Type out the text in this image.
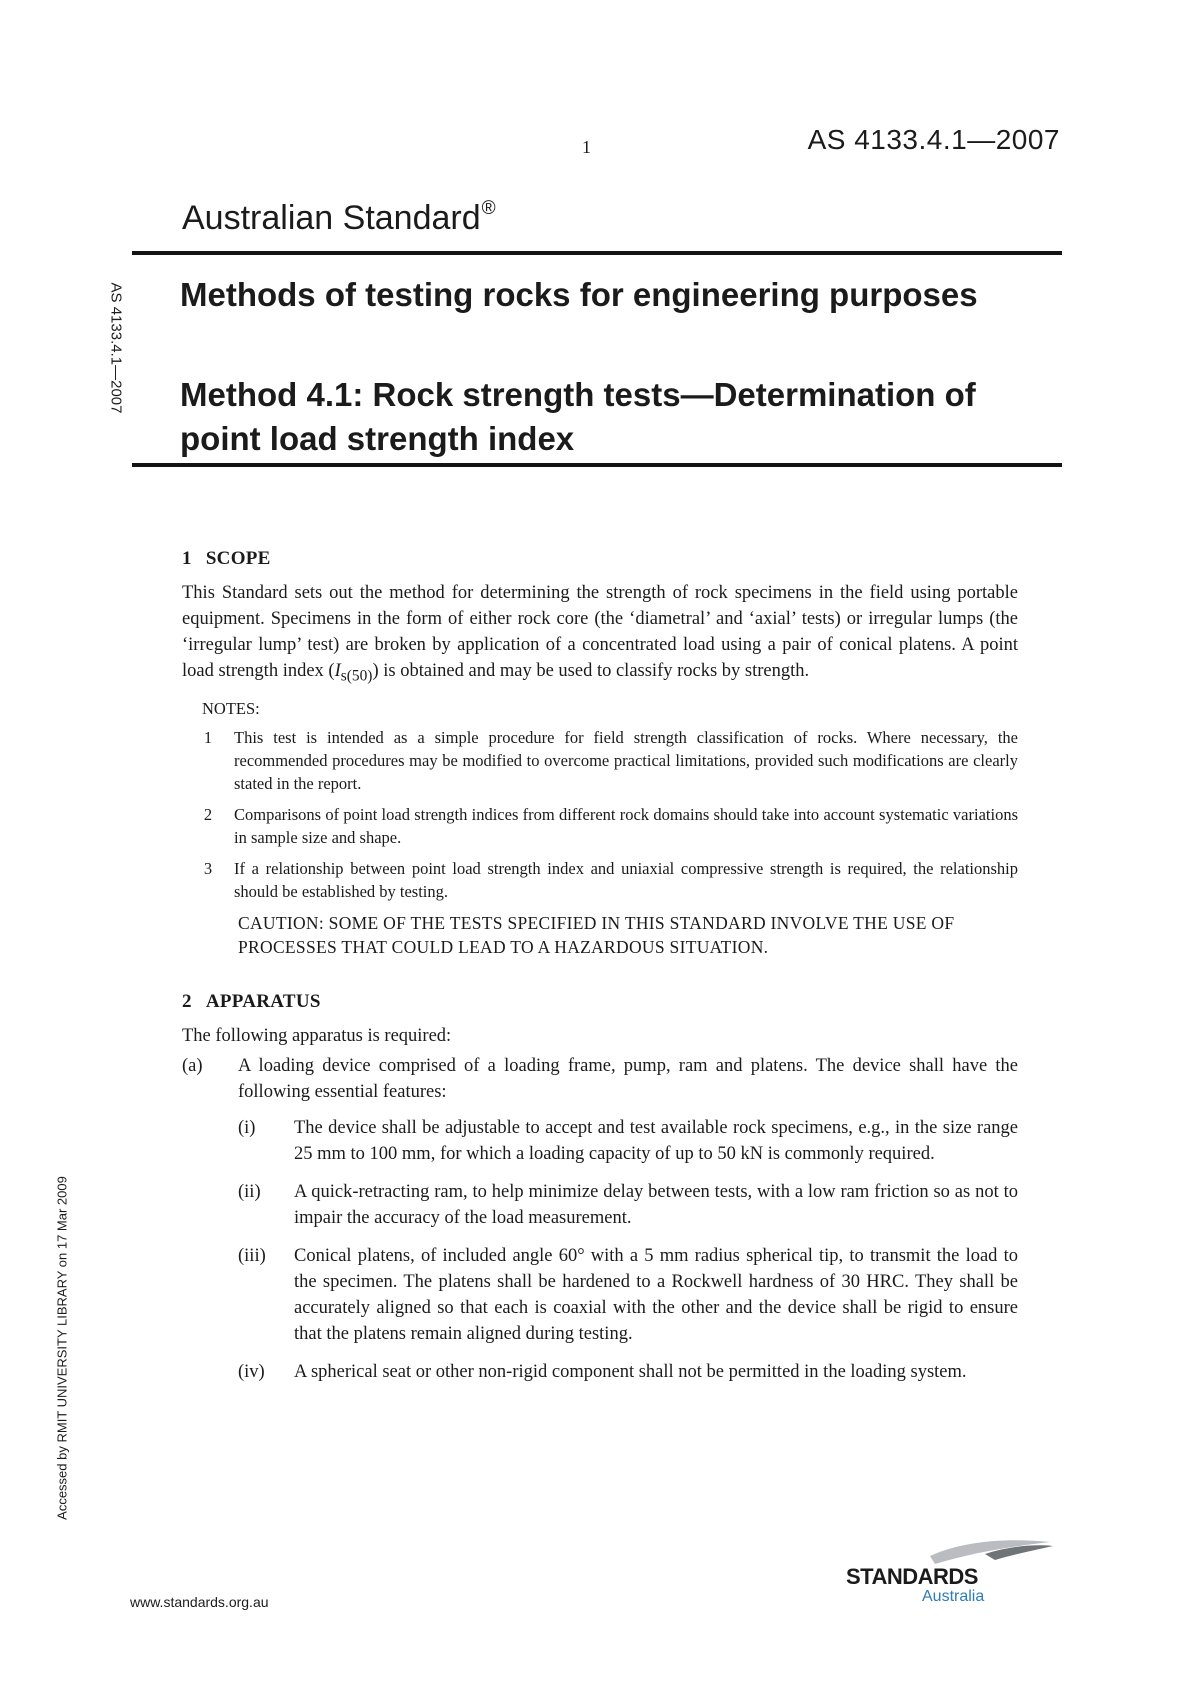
1	AS 4133.4.1—2007
Australian Standard®
AS 4133.4.1—2007 Methods of testing rocks for engineering purposes
Method 4.1: Rock strength tests—Determination of point load strength index
Accessed by RMIT UNIVERSITY LIBRARY on 17 Mar 2009
1 SCOPE

This Standard sets out the method for determining the strength of rock specimens in the field using portable equipment. Specimens in the form of either rock core (the ‘diametral’ and ‘axial’ tests) or irregular lumps (the ‘irregular lump’ test) are broken by application of a concentrated load using a pair of conical platens. A point load strength index $(I_{s(50)})$ is obtained and may be used to classify rocks by strength.

NOTES:
1	This test is intended as a simple procedure for field strength classification of rocks. Where necessary, the recommended procedures may be modified to overcome practical limitations, provided such modifications are clearly stated in the report.
2	Comparisons of point load strength indices from different rock domains should take into account systematic variations in sample size and shape.
3	If a relationship between point load strength index and uniaxial compressive strength is required, the relationship should be established by testing.
CAUTION: SOME OF THE TESTS SPECIFIED IN THIS STANDARD INVOLVE THE USE OF PROCESSES THAT COULD LEAD TO A HAZARDOUS SITUATION.
2 APPARATUS

The following apparatus is required:

(a)	A loading device comprised of a loading frame, pump, ram and platens. The device shall have the following essential features:
(i)	The device shall be adjustable to accept and test available rock specimens, e.g., in the size range 25 mm to 100 mm, for which a loading capacity of up to 50 kN is commonly required.
(ii)	A quick-retracting ram, to help minimize delay between tests, with a low ram friction so as not to impair the accuracy of the load measurement.
(iii)	Conical platens, of included angle 60° with a 5 mm radius spherical tip, to transmit the load to the specimen. The platens shall be hardened to a Rockwell hardness of 30 HRC. They shall be accurately aligned so that each is coaxial with the other and the device shall be rigid to ensure that the platens remain aligned during testing.
(iv)	A spherical seat or other non-rigid component shall not be permitted in the loading system.
www.standards.org.au
STANDARDS
Australia
